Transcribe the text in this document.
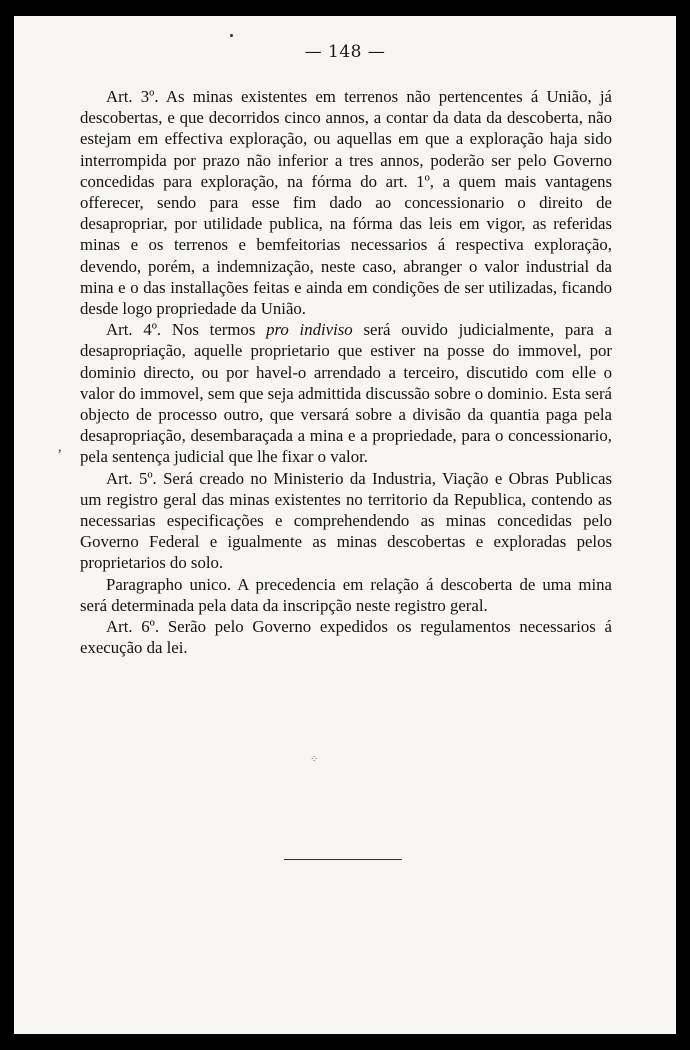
— 148 —

Art. 3º. As minas existentes em terrenos não pertencentes á União, já descobertas, e que decorridos cinco annos, a contar da data da descoberta, não estejam em effectiva exploração, ou aquellas em que a exploração haja sido interrompida por prazo não inferior a tres annos, poderão ser pelo Governo concedidas para exploração, na fórma do art. 1º, a quem mais vantagens offerecer, sendo para esse fim dado ao concessionario o direito de desapropriar, por utilidade publica, na fórma das leis em vigor, as referidas minas e os terrenos e bemfeitorias necessarios á respectiva exploração, devendo, porém, a indemnização, neste caso, abranger o valor industrial da mina e o das installações feitas e ainda em condições de ser utilizadas, ficando desde logo propriedade da União.

Art. 4º. Nos termos pro indiviso será ouvido judicialmente, para a desapropriação, aquelle proprietario que estiver na posse do immovel, por dominio directo, ou por havel-o arrendado a terceiro, discutido com elle o valor do immovel, sem que seja admittida discussão sobre o dominio. Esta será objecto de processo outro, que versará sobre a divisão da quantia paga pela desapropriação, desembaraçada a mina e a propriedade, para o concessionario, pela sentença judicial que lhe fixar o valor.

Art. 5º. Será creado no Ministerio da Industria, Viação e Obras Publicas um registro geral das minas existentes no territorio da Republica, contendo as necessarias especificações e comprehendendo as minas concedidas pelo Governo Federal e igualmente as minas descobertas e exploradas pelos proprietarios do solo.

Paragrapho unico. A precedencia em relação á descoberta de uma mina será determinada pela data da inscripção neste registro geral.

Art. 6º. Serão pelo Governo expedidos os regulamentos necessarios á execução da lei.

⁘
,
